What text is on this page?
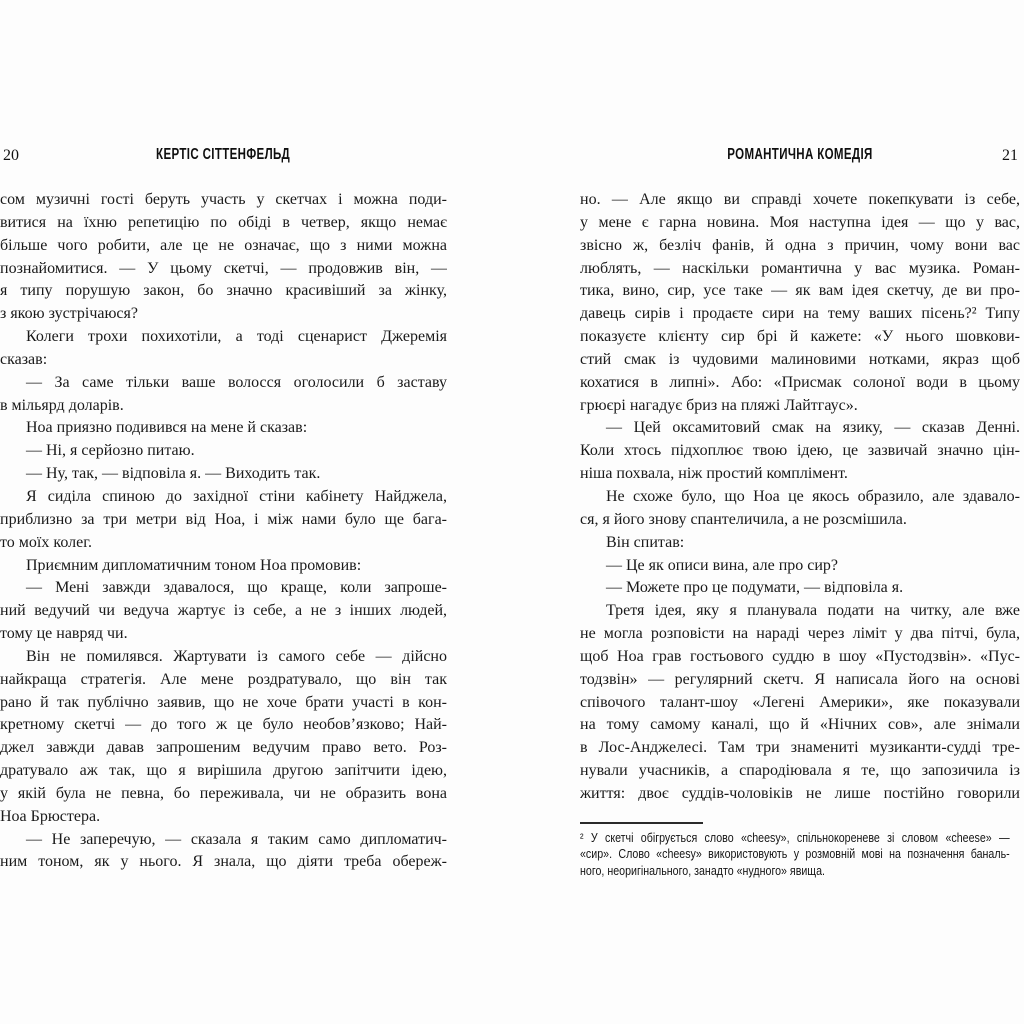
20	КЕРТІС СІТТЕНФЕЛЬД	РОМАНТИЧНА КОМЕДІЯ	21
сом музичні гості беруть участь у скетчах і можна поди-
витися на їхню репетицію по обіді в четвер, якщо немає
більше чого робити, але це не означає, що з ними можна
познайомитися. — У цьому скетчі, — продовжив він, —
я типу порушую закон, бо значно красивіший за жінку,
з якою зустрічаюся?
Колеги трохи похихотіли, а тоді сценарист Джеремія
сказав:
— За саме тільки ваше волосся оголосили б заставу
в мільярд доларів.
Ноа приязно подивився на мене й сказав:
— Ні, я серйозно питаю.
— Ну, так, — відповіла я. — Виходить так.
Я сиділа спиною до західної стіни кабінету Найджела,
приблизно за три метри від Ноа, і між нами було ще бага-
то моїх колег.
Приємним дипломатичним тоном Ноа промовив:
— Мені завжди здавалося, що краще, коли запроше-
ний ведучий чи ведуча жартує із себе, а не з інших людей,
тому це навряд чи.
Він не помилявся. Жартувати із самого себе — дійсно
найкраща стратегія. Але мене роздратувало, що він так
рано й так публічно заявив, що не хоче брати участі в кон-
кретному скетчі — до того ж це було необов’язково; Най-
джел завжди давав запрошеним ведучим право вето. Роз-
дратувало аж так, що я вирішила другою запітчити ідею,
у якій була не певна, бо переживала, чи не образить вона
Ноа Брюстера.
— Не заперечую, — сказала я таким само дипломатич-
ним тоном, як у нього. Я знала, що діяти треба обереж-
но. — Але якщо ви справді хочете покепкувати із себе,
у мене є гарна новина. Моя наступна ідея — що у вас,
звісно ж, безліч фанів, й одна з причин, чому вони вас
люблять, — наскільки романтична у вас музика. Роман-
тика, вино, сир, усе таке — як вам ідея скетчу, де ви про-
давець сирів і продаєте сири на тему ваших пісень?² Типу
показуєте клієнту сир брі й кажете: «У нього шовкови-
стий смак із чудовими малиновими нотками, якраз щоб
кохатися в липні». Або: «Присмак солоної води в цьому
грюєрі нагадує бриз на пляжі Лайтгаус».
— Цей оксамитовий смак на язику, — сказав Денні.
Коли хтось підхоплює твою ідею, це зазвичай значно цін-
ніша похвала, ніж простий комплімент.
Не схоже було, що Ноа це якось образило, але здавало-
ся, я його знову спантеличила, а не розсмішила.
Він спитав:
— Це як описи вина, але про сир?
— Можете про це подумати, — відповіла я.
Третя ідея, яку я планувала подати на читку, але вже
не могла розповісти на нараді через ліміт у два пітчі, була,
щоб Ноа грав гостьового суддю в шоу «Пустодзвін». «Пус-
тодзвін» — регулярний скетч. Я написала його на основі
співочого талант-шоу «Легені Америки», яке показували
на тому самому каналі, що й «Нічних сов», але знімали
в Лос-Анджелесі. Там три знамениті музиканти-судді тре-
нували учасників, а спародіювала я те, що запозичила із
життя: двоє суддів-чоловіків не лише постійно говорили
² У скетчі обігрується слово «cheesy», спільнокореневе зі словом «cheese» —
«сир». Слово «cheesy» використовують у розмовній мові на позначення баналь-
ного, неоригінального, занадто «нудного» явища.
